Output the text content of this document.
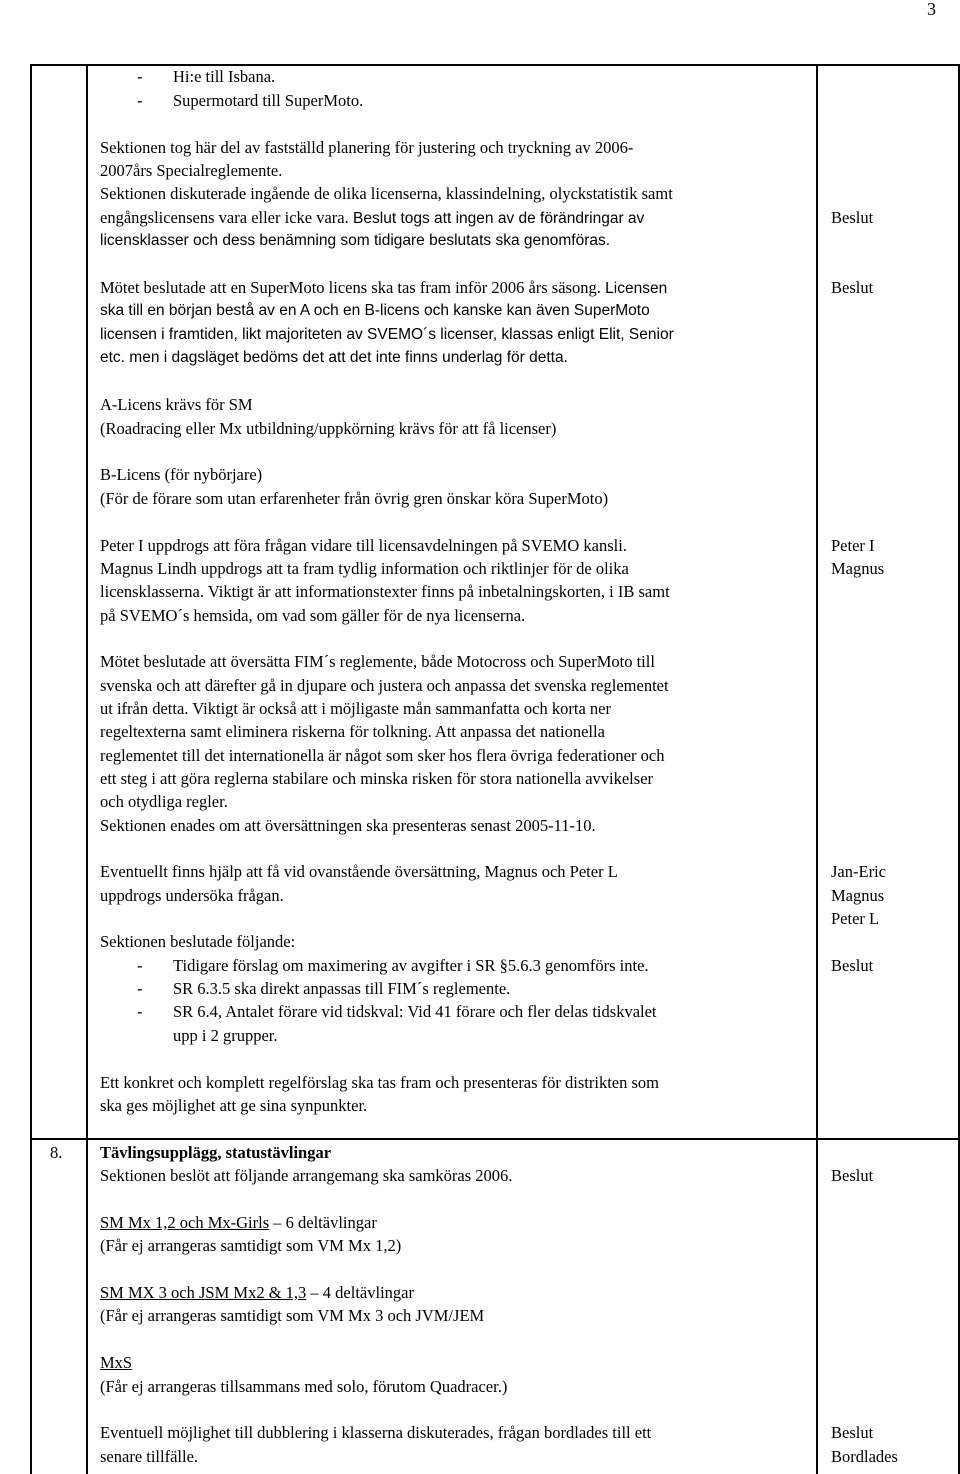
3
- Hi:e till Isbana.
- Supermotard till SuperMoto.
Sektionen tog här del av fastställd planering för justering och tryckning av 2006-
2007års Specialreglemente.
Sektionen diskuterade ingående de olika licenserna, klassindelning, olyckstatistik samt
engångslicensens vara eller icke vara. Beslut togs att ingen av de förändringar av
licensklasser och dess benämning som tidigare beslutats ska genomföras.
Beslut
Mötet beslutade att en SuperMoto licens ska tas fram inför 2006 års säsong. Licensen
ska till en början bestå av en A och en B-licens och kanske kan även SuperMoto
licensen i framtiden, likt majoriteten av SVEMO´s licenser, klassas enligt Elit, Senior
etc. men i dagsläget bedöms det att det inte finns underlag för detta.
Beslut
A-Licens krävs för SM
(Roadracing eller Mx utbildning/uppkörning krävs för att få licenser)
B-Licens (för nybörjare)
(För de förare som utan erfarenheter från övrig gren önskar köra SuperMoto)
Peter I uppdrogs att föra frågan vidare till licensavdelningen på SVEMO kansli.
Magnus Lindh uppdrogs att ta fram tydlig information och riktlinjer för de olika
licensklasserna. Viktigt är att informationstexter finns på inbetalningskorten, i IB samt
på SVEMO´s hemsida, om vad som gäller för de nya licenserna.
Peter I
Magnus
Mötet beslutade att översätta FIM´s reglemente, både Motocross och SuperMoto till
svenska och att därefter gå in djupare och justera och anpassa det svenska reglementet
ut ifrån detta. Viktigt är också att i möjligaste mån sammanfatta och korta ner
regeltexterna samt eliminera riskerna för tolkning. Att anpassa det nationella
reglementet till det internationella är något som sker hos flera övriga federationer och
ett steg i att göra reglerna stabilare och minska risken för stora nationella avvikelser
och otydliga regler.
Sektionen enades om att översättningen ska presenteras senast 2005-11-10.
Eventuellt finns hjälp att få vid ovanstående översättning, Magnus och Peter L
uppdrogs undersöka frågan.
Jan-Eric
Magnus
Peter L
Sektionen beslutade följande:
- Tidigare förslag om maximering av avgifter i SR §5.6.3 genomförs inte.
- SR 6.3.5 ska direkt anpassas till FIM´s reglemente.
- SR 6.4, Antalet förare vid tidskval: Vid 41 förare och fler delas tidskvalet
upp i 2 grupper.
Beslut
Ett konkret och komplett regelförslag ska tas fram och presenteras för distrikten som
ska ges möjlighet att ge sina synpunkter.
8. Tävlingsupplägg, statustävlingar
Sektionen beslöt att följande arrangemang ska samköras 2006.	Beslut
SM Mx 1,2 och Mx-Girls – 6 deltävlingar
(Får ej arrangeras samtidigt som VM Mx 1,2)
SM MX 3 och JSM Mx2 & 1,3 – 4 deltävlingar
(Får ej arrangeras samtidigt som VM Mx 3 och JVM/JEM
MxS
(Får ej arrangeras tillsammans med solo, förutom Quadracer.)
Eventuell möjlighet till dubblering i klasserna diskuterades, frågan bordlades till ett
senare tillfälle.
Beslut
Bordlades
